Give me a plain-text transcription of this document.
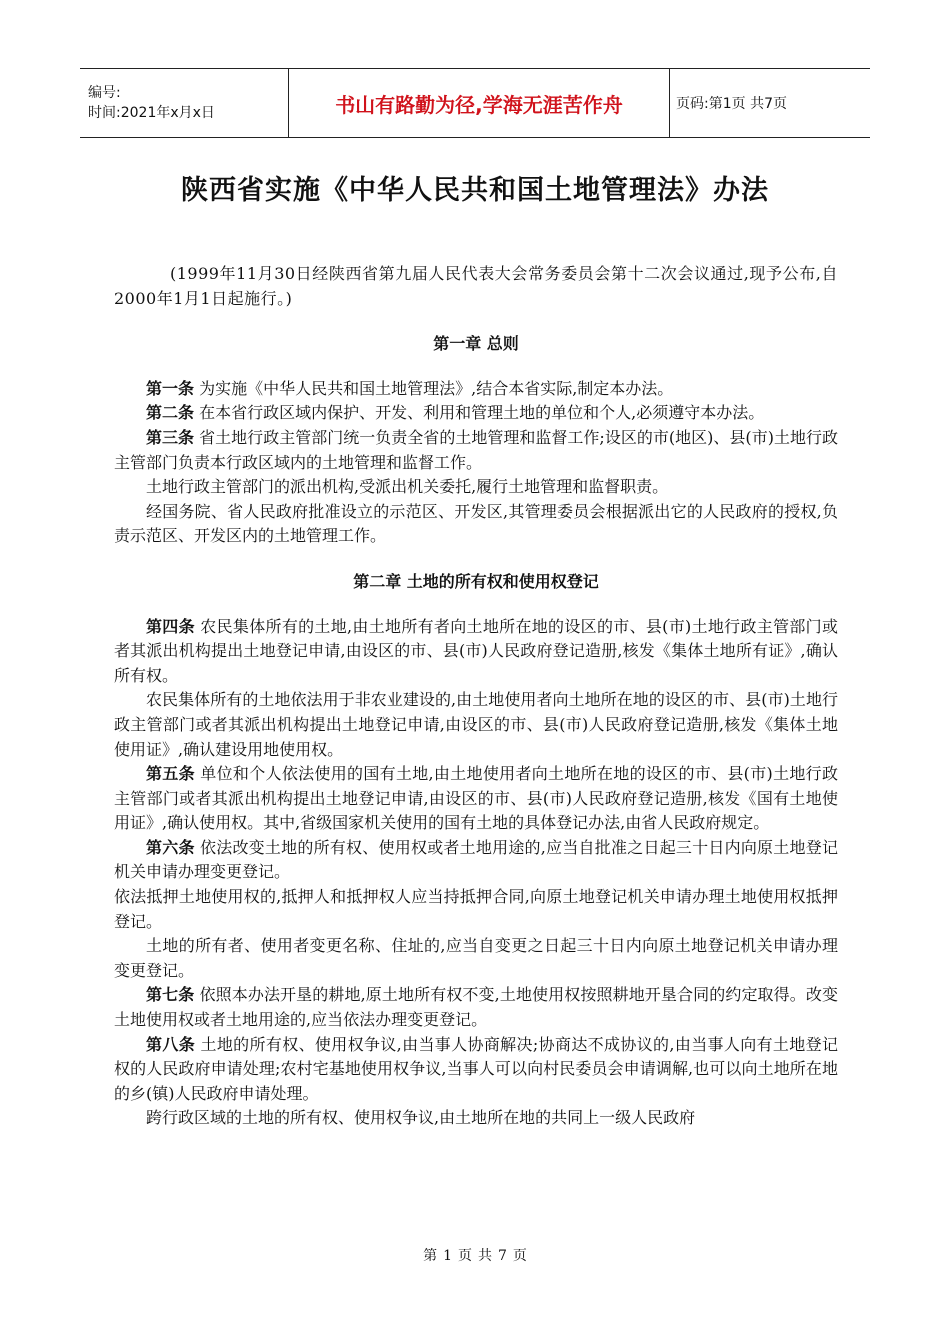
编号:
时间:2021年x月x日	书山有路勤为径,学海无涯苦作舟	页码:第1页 共7页
陕西省实施《中华人民共和国土地管理法》办法

(1999年11月30日经陕西省第九届人民代表大会常务委员会第十二次会议通过,现予公布,自2000年1月1日起施行。)

第一章 总则

第一条 为实施《中华人民共和国土地管理法》,结合本省实际,制定本办法。

第二条 在本省行政区域内保护、开发、利用和管理土地的单位和个人,必须遵守本办法。

第三条 省土地行政主管部门统一负责全省的土地管理和监督工作;设区的市(地区)、县(市)土地行政主管部门负责本行政区域内的土地管理和监督工作。

土地行政主管部门的派出机构,受派出机关委托,履行土地管理和监督职责。

经国务院、省人民政府批准设立的示范区、开发区,其管理委员会根据派出它的人民政府的授权,负责示范区、开发区内的土地管理工作。

第二章 土地的所有权和使用权登记

第四条 农民集体所有的土地,由土地所有者向土地所在地的设区的市、县(市)土地行政主管部门或者其派出机构提出土地登记申请,由设区的市、县(市)人民政府登记造册,核发《集体土地所有证》,确认所有权。

农民集体所有的土地依法用于非农业建设的,由土地使用者向土地所在地的设区的市、县(市)土地行政主管部门或者其派出机构提出土地登记申请,由设区的市、县(市)人民政府登记造册,核发《集体土地使用证》,确认建设用地使用权。

第五条 单位和个人依法使用的国有土地,由土地使用者向土地所在地的设区的市、县(市)土地行政主管部门或者其派出机构提出土地登记申请,由设区的市、县(市)人民政府登记造册,核发《国有土地使用证》,确认使用权。其中,省级国家机关使用的国有土地的具体登记办法,由省人民政府规定。

第六条 依法改变土地的所有权、使用权或者土地用途的,应当自批准之日起三十日内向原土地登记机关申请办理变更登记。

依法抵押土地使用权的,抵押人和抵押权人应当持抵押合同,向原土地登记机关申请办理土地使用权抵押登记。

土地的所有者、使用者变更名称、住址的,应当自变更之日起三十日内向原土地登记机关申请办理变更登记。

第七条 依照本办法开垦的耕地,原土地所有权不变,土地使用权按照耕地开垦合同的约定取得。改变土地使用权或者土地用途的,应当依法办理变更登记。

第八条 土地的所有权、使用权争议,由当事人协商解决;协商达不成协议的,由当事人向有土地登记权的人民政府申请处理;农村宅基地使用权争议,当事人可以向村民委员会申请调解,也可以向土地所在地的乡(镇)人民政府申请处理。

跨行政区域的土地的所有权、使用权争议,由土地所在地的共同上一级人民政府

第 1 页 共 7 页
